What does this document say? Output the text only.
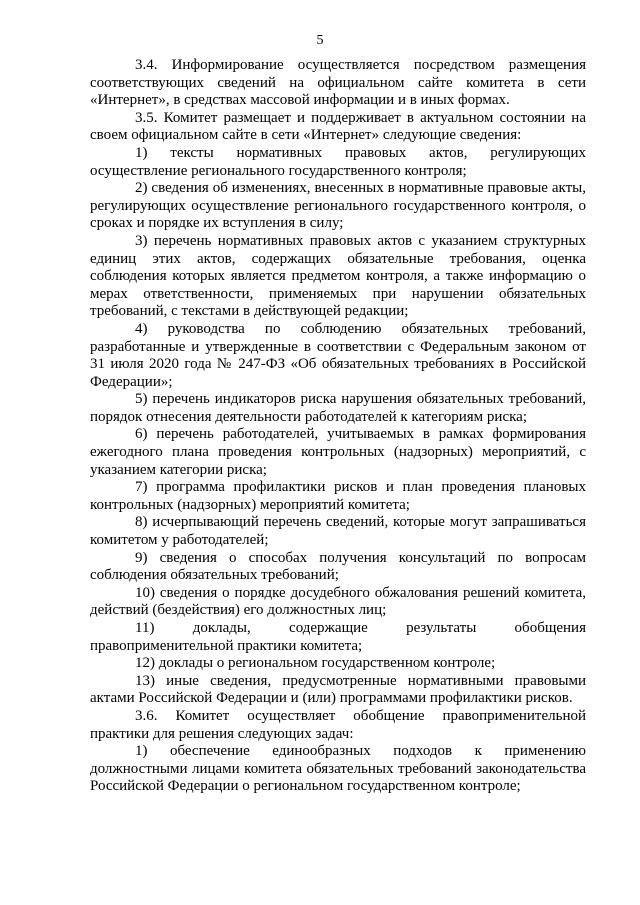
5

3.4. Информирование осуществляется посредством размещения соответствующих сведений на официальном сайте комитета в сети «Интернет», в средствах массовой информации и в иных формах.

3.5. Комитет размещает и поддерживает в актуальном состоянии на своем официальном сайте в сети «Интернет» следующие сведения:

1) тексты нормативных правовых актов, регулирующих осуществление регионального государственного контроля;

2) сведения об изменениях, внесенных в нормативные правовые акты, регулирующих осуществление регионального государственного контроля, о сроках и порядке их вступления в силу;

3) перечень нормативных правовых актов с указанием структурных единиц этих актов, содержащих обязательные требования, оценка соблюдения которых является предметом контроля, а также информацию о мерах ответственности, применяемых при нарушении обязательных требований, с текстами в действующей редакции;

4) руководства по соблюдению обязательных требований, разработанные и утвержденные в соответствии с Федеральным законом от 31 июля 2020 года № 247-ФЗ «Об обязательных требованиях в Российской Федерации»;

5) перечень индикаторов риска нарушения обязательных требований, порядок отнесения деятельности работодателей к категориям риска;

6) перечень работодателей, учитываемых в рамках формирования ежегодного плана проведения контрольных (надзорных) мероприятий, с указанием категории риска;

7) программа профилактики рисков и план проведения плановых контрольных (надзорных) мероприятий комитета;

8) исчерпывающий перечень сведений, которые могут запрашиваться комитетом у работодателей;

9) сведения о способах получения консультаций по вопросам соблюдения обязательных требований;

10) сведения о порядке досудебного обжалования решений комитета, действий (бездействия) его должностных лиц;

11) доклады, содержащие результаты обобщения правоприменительной практики комитета;

12) доклады о региональном государственном контроле;

13) иные сведения, предусмотренные нормативными правовыми актами Российской Федерации и (или) программами профилактики рисков.

3.6. Комитет осуществляет обобщение правоприменительной практики для решения следующих задач:

1) обеспечение единообразных подходов к применению должностными лицами комитета обязательных требований законодательства Российской Федерации о региональном государственном контроле;
